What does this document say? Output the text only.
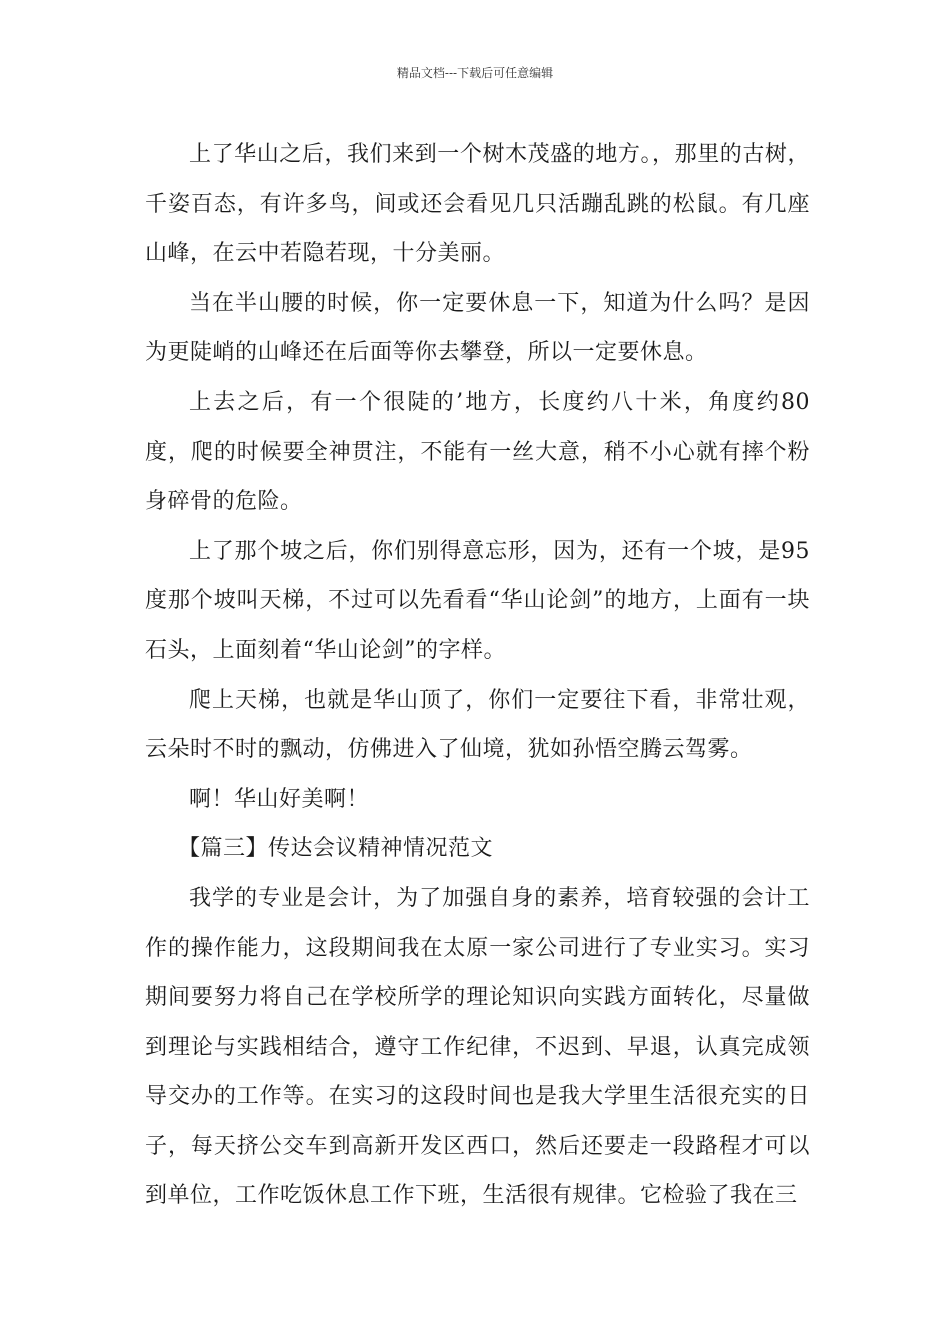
精品文档---下载后可任意编辑

上了华山之后，我们来到一个树木茂盛的地方。，那里的古树，千姿百态，有许多鸟，间或还会看见几只活蹦乱跳的松鼠。有几座山峰，在云中若隐若现，十分美丽。

当在半山腰的时候，你一定要休息一下，知道为什么吗？是因为更陡峭的山峰还在后面等你去攀登，所以一定要休息。

上去之后，有一个很陡的’地方，长度约八十米，角度约80度，爬的时候要全神贯注，不能有一丝大意，稍不小心就有摔个粉身碎骨的危险。

上了那个坡之后，你们别得意忘形，因为，还有一个坡，是95度那个坡叫天梯，不过可以先看看“华山论剑”的地方，上面有一块石头，上面刻着“华山论剑”的字样。

爬上天梯，也就是华山顶了，你们一定要往下看，非常壮观，云朵时不时的飘动，仿佛进入了仙境，犹如孙悟空腾云驾雾。

啊！华山好美啊！

【篇三】传达会议精神情况范文

我学的专业是会计，为了加强自身的素养，培育较强的会计工作的操作能力，这段期间我在太原一家公司进行了专业实习。实习期间要努力将自己在学校所学的理论知识向实践方面转化，尽量做到理论与实践相结合，遵守工作纪律，不迟到、早退，认真完成领导交办的工作等。在实习的这段时间也是我大学里生活很充实的日子，每天挤公交车到高新开发区西口，然后还要走一段路程才可以到单位，工作吃饭休息工作下班，生活很有规律。它检验了我在三
